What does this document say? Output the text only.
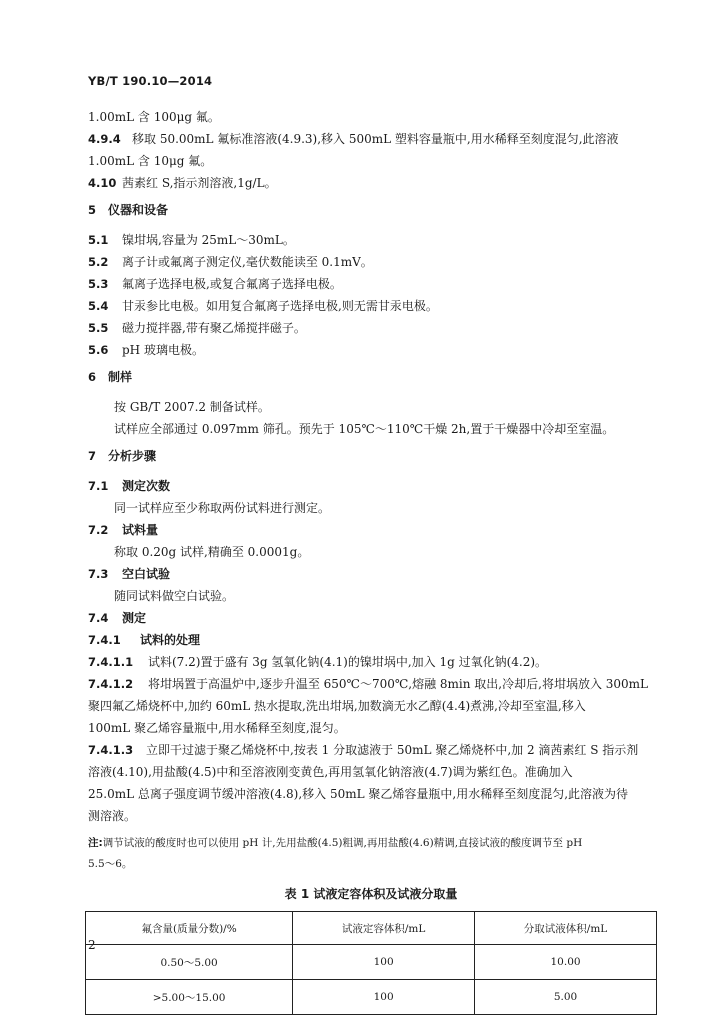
YB/T 190.10—2014
1.00mL 含 100μg 氟。
4.9.4 移取 50.00mL 氟标准溶液(4.9.3),移入 500mL 塑料容量瓶中,用水稀释至刻度混匀,此溶液
1.00mL 含 10μg 氟。
4.10 茜素红 S,指示剂溶液,1g/L。
5 仪器和设备
5.1 镍坩埚,容量为 25mL～30mL。
5.2 离子计或氟离子测定仪,毫伏数能读至 0.1mV。
5.3 氟离子选择电极,或复合氟离子选择电极。
5.4 甘汞参比电极。如用复合氟离子选择电极,则无需甘汞电极。
5.5 磁力搅拌器,带有聚乙烯搅拌磁子。
5.6 pH 玻璃电极。
6 制样
按 GB/T 2007.2 制备试样。
试样应全部通过 0.097mm 筛孔。预先于 105℃～110℃干燥 2h,置于干燥器中冷却至室温。
7 分析步骤
7.1 测定次数
同一试样应至少称取两份试料进行测定。
7.2 试料量
称取 0.20g 试样,精确至 0.0001g。
7.3 空白试验
随同试料做空白试验。
7.4 测定
7.4.1 试料的处理
7.4.1.1 试料(7.2)置于盛有 3g 氢氧化钠(4.1)的镍坩埚中,加入 1g 过氧化钠(4.2)。
7.4.1.2 将坩埚置于高温炉中,逐步升温至 650℃～700℃,熔融 8min 取出,冷却后,将坩埚放入 300mL
聚四氟乙烯烧杯中,加约 60mL 热水提取,洗出坩埚,加数滴无水乙醇(4.4)煮沸,冷却至室温,移入
100mL 聚乙烯容量瓶中,用水稀释至刻度,混匀。
7.4.1.3 立即干过滤于聚乙烯烧杯中,按表 1 分取滤液于 50mL 聚乙烯烧杯中,加 2 滴茜素红 S 指示剂
溶液(4.10),用盐酸(4.5)中和至溶液刚变黄色,再用氢氧化钠溶液(4.7)调为紫红色。准确加入
25.0mL 总离子强度调节缓冲溶液(4.8),移入 50mL 聚乙烯容量瓶中,用水稀释至刻度混匀,此溶液为待
测溶液。
注:调节试液的酸度时也可以使用 pH 计,先用盐酸(4.5)粗调,再用盐酸(4.6)精调,直接试液的酸度调节至 pH
5.5～6。
表 1 试液定容体积及试液分取量
氟含量(质量分数)/%	试液定容体积/mL	分取试液体积/mL
0.50～5.00	100	10.00
>5.00～15.00	100	5.00
2
